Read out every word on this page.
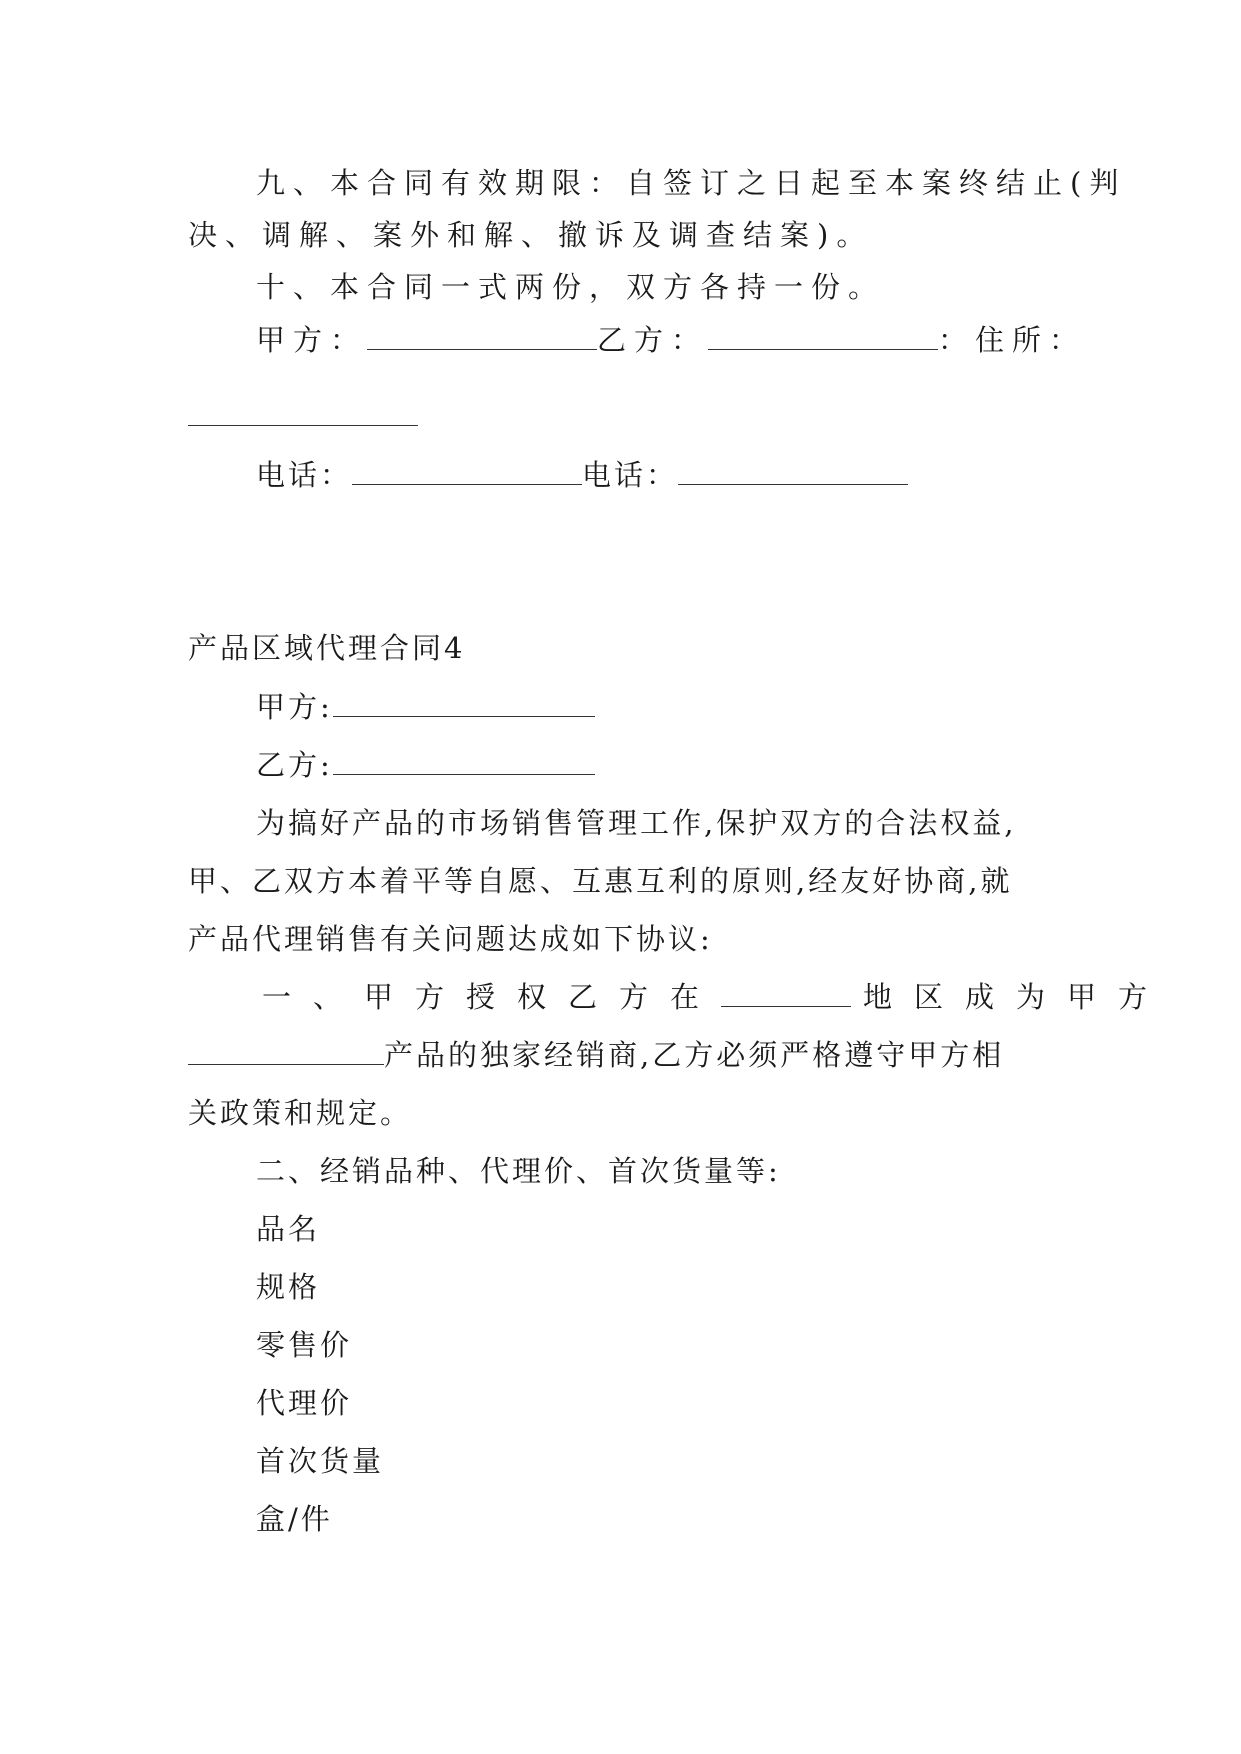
九、本合同有效期限：自签订之日起至本案终结止(判
决、调解、案外和解、撤诉及调查结案)。
十、本合同一式两份，双方各持一份。
甲方：	乙方：	：住所：
电话：	电话：
产品区域代理合同4
甲方:
乙方:
为搞好产品的市场销售管理工作,保护双方的合法权益,
甲、乙双方本着平等自愿、互惠互利的原则,经友好协商,就
产品代理销售有关问题达成如下协议:
一、甲方授权乙方在	地区成为甲方
产品的独家经销商,乙方必须严格遵守甲方相
关政策和规定。
二、经销品种、代理价、首次货量等:
品名
规格
零售价
代理价
首次货量
盒/件
